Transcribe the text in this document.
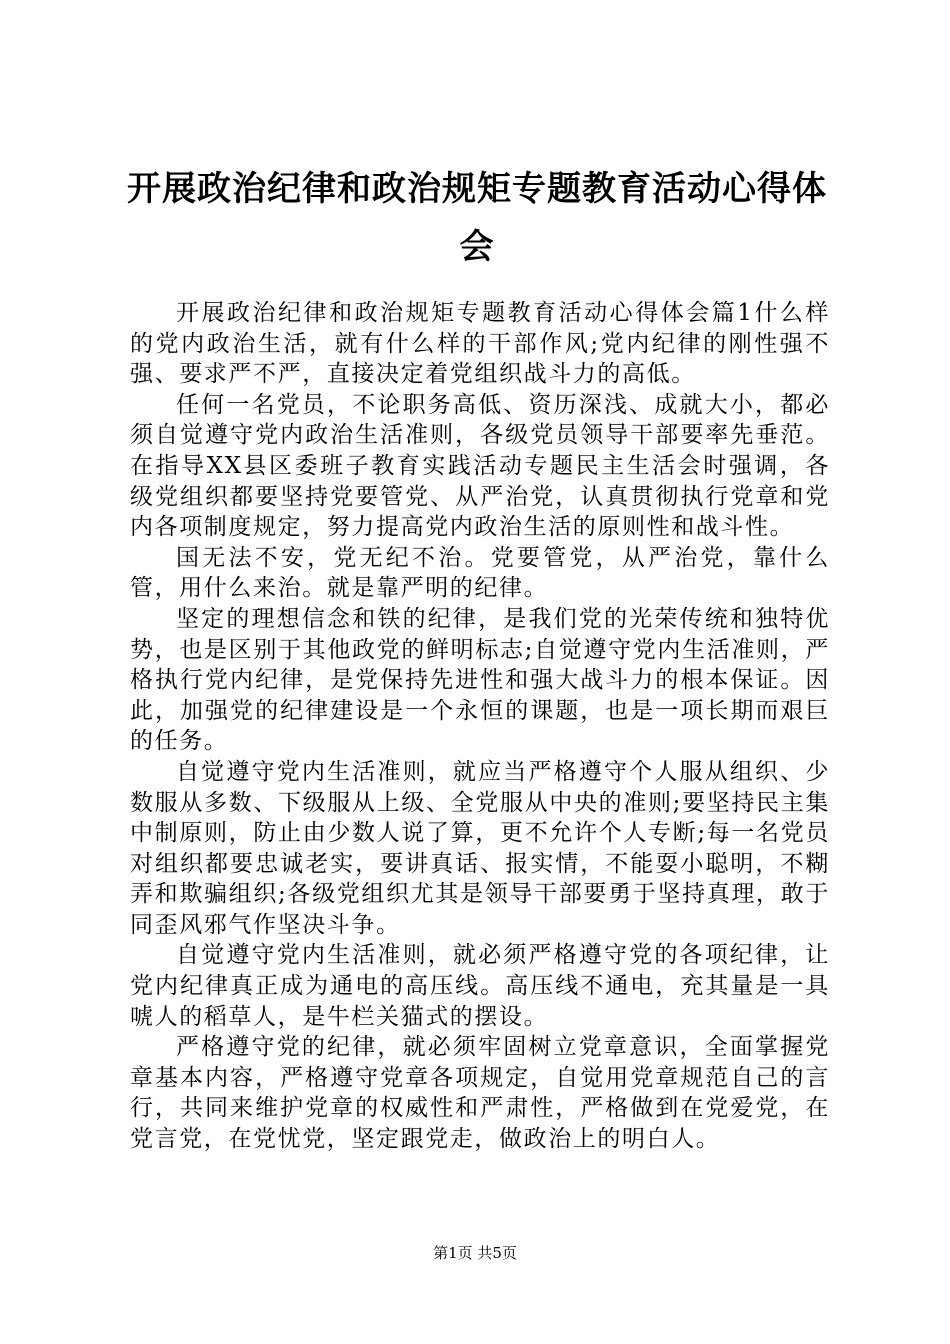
开展政治纪律和政治规矩专题教育活动心得体会

开展政治纪律和政治规矩专题教育活动心得体会篇1什么样的党内政治生活，就有什么样的干部作风;党内纪律的刚性强不强、要求严不严，直接决定着党组织战斗力的高低。

任何一名党员，不论职务高低、资历深浅、成就大小，都必须自觉遵守党内政治生活准则，各级党员领导干部要率先垂范。在指导XX县区委班子教育实践活动专题民主生活会时强调，各级党组织都要坚持党要管党、从严治党，认真贯彻执行党章和党内各项制度规定，努力提高党内政治生活的原则性和战斗性。

国无法不安，党无纪不治。党要管党，从严治党，靠什么管，用什么来治。就是靠严明的纪律。

坚定的理想信念和铁的纪律，是我们党的光荣传统和独特优势，也是区别于其他政党的鲜明标志;自觉遵守党内生活准则，严格执行党内纪律，是党保持先进性和强大战斗力的根本保证。因此，加强党的纪律建设是一个永恒的课题，也是一项长期而艰巨的任务。

自觉遵守党内生活准则，就应当严格遵守个人服从组织、少数服从多数、下级服从上级、全党服从中央的准则;要坚持民主集中制原则，防止由少数人说了算，更不允许个人专断;每一名党员对组织都要忠诚老实，要讲真话、报实情，不能耍小聪明，不糊弄和欺骗组织;各级党组织尤其是领导干部要勇于坚持真理，敢于同歪风邪气作坚决斗争。

自觉遵守党内生活准则，就必须严格遵守党的各项纪律，让党内纪律真正成为通电的高压线。高压线不通电，充其量是一具唬人的稻草人，是牛栏关猫式的摆设。

严格遵守党的纪律，就必须牢固树立党章意识，全面掌握党章基本内容，严格遵守党章各项规定，自觉用党章规范自己的言行，共同来维护党章的权威性和严肃性，严格做到在党爱党，在党言党，在党忧党，坚定跟党走，做政治上的明白人。

第1页 共5页
